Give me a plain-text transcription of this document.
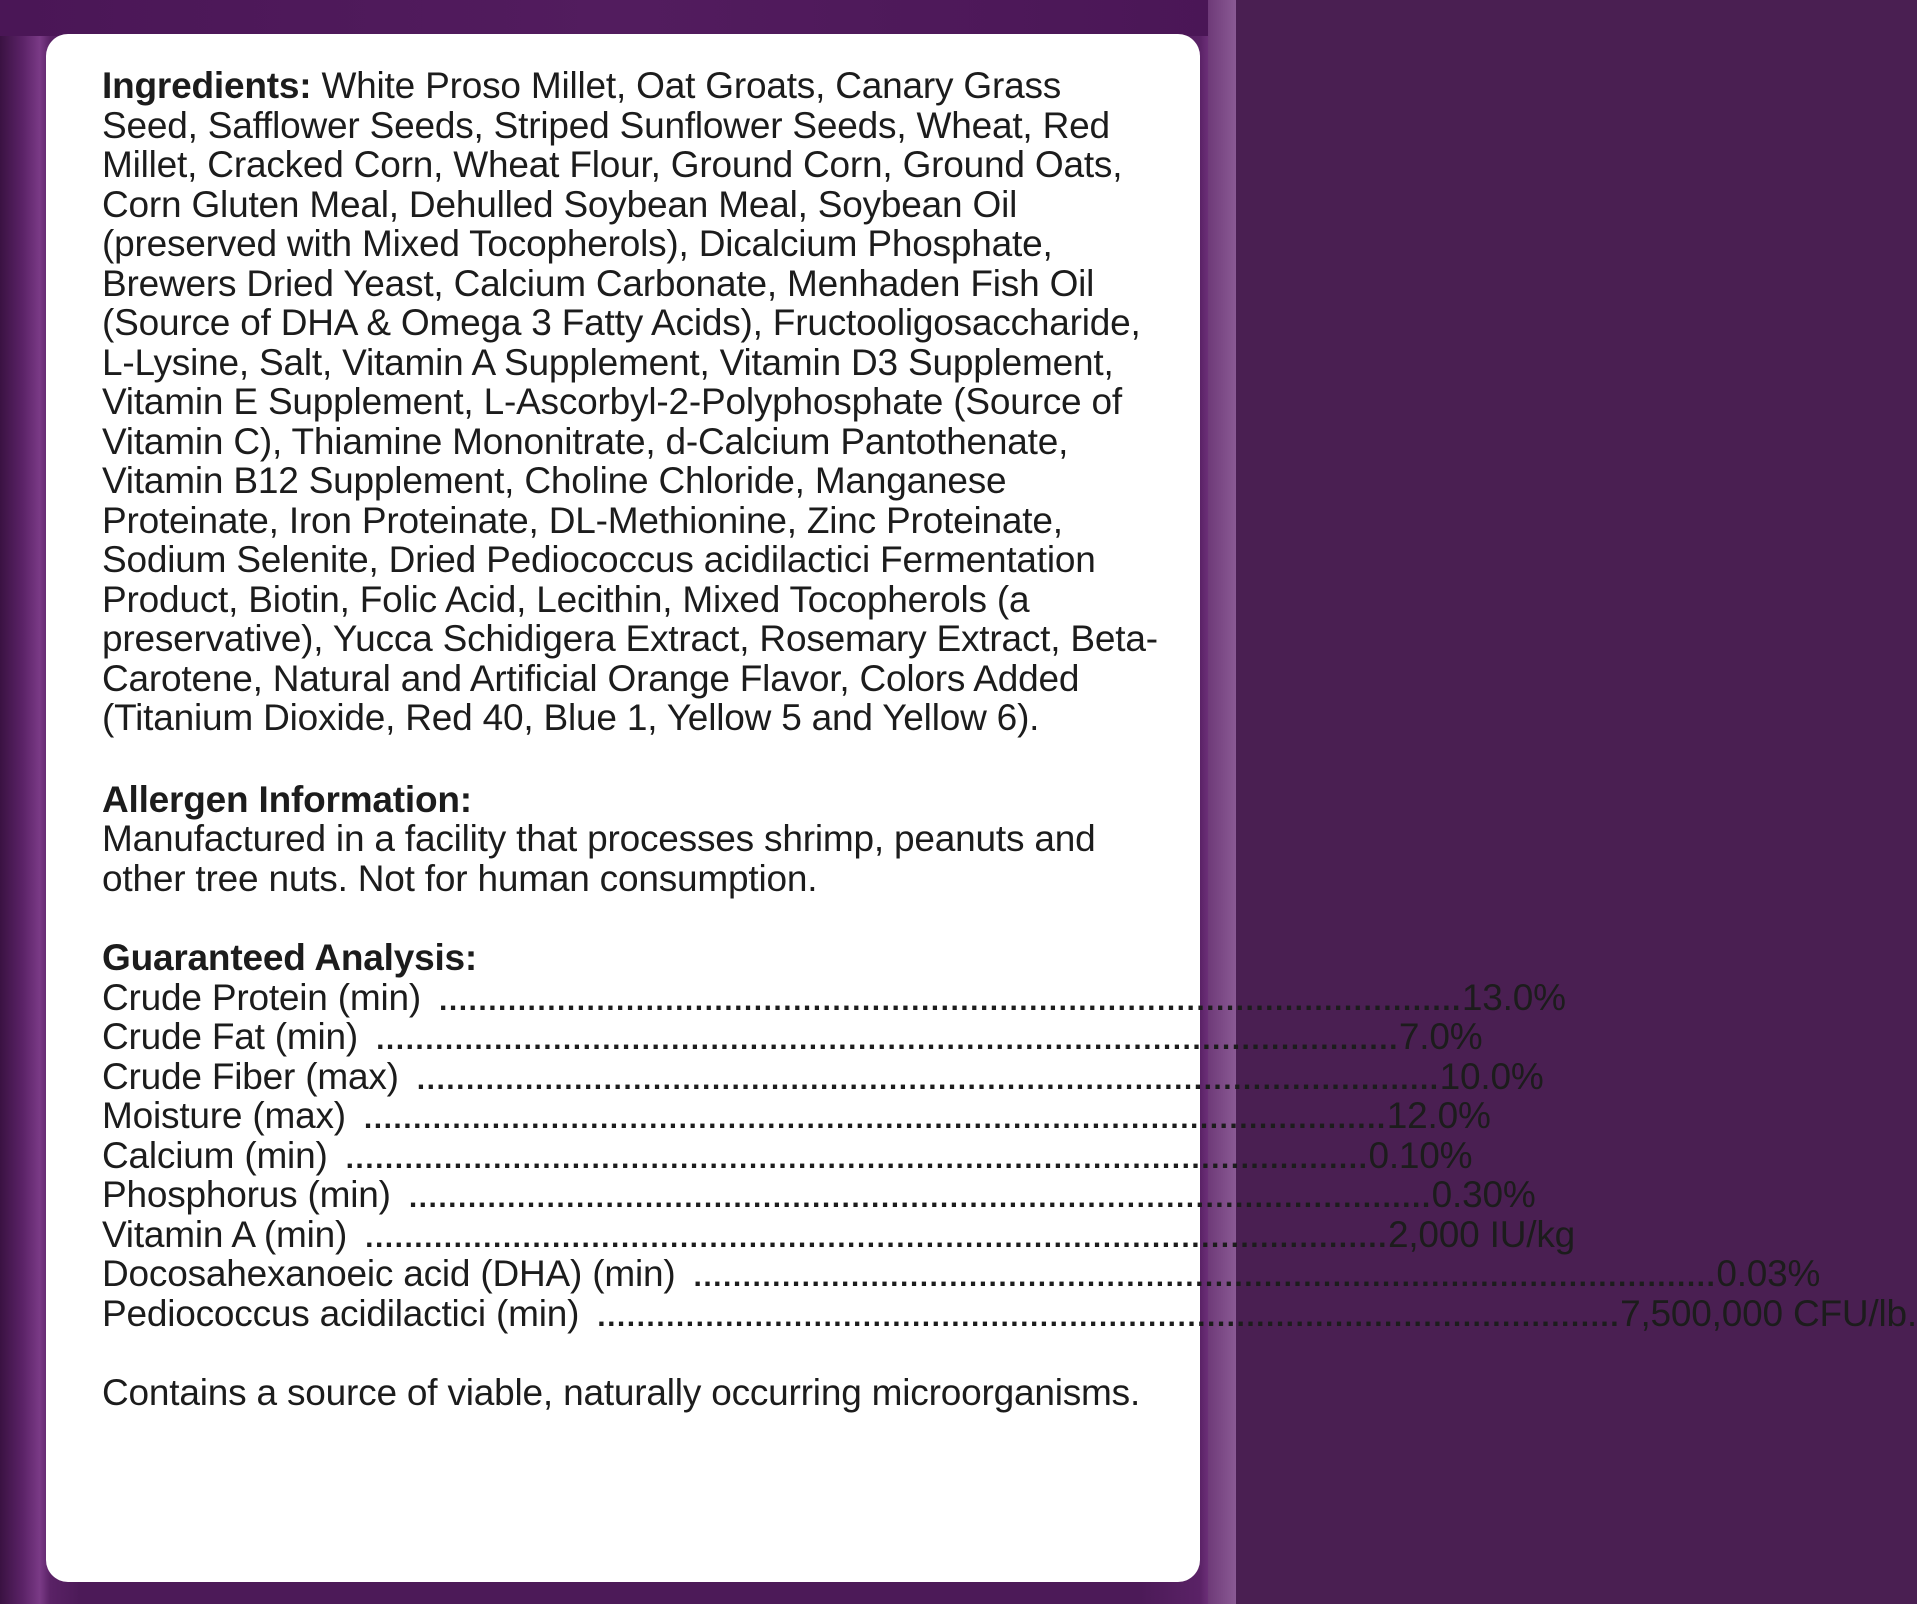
Ingredients: White Proso Millet, Oat Groats, Canary Grass Seed, Safflower Seeds, Striped Sunflower Seeds, Wheat, Red Millet, Cracked Corn, Wheat Flour, Ground Corn, Ground Oats, Corn Gluten Meal, Dehulled Soybean Meal, Soybean Oil (preserved with Mixed Tocopherols), Dicalcium Phosphate, Brewers Dried Yeast, Calcium Carbonate, Menhaden Fish Oil (Source of DHA & Omega 3 Fatty Acids), Fructooligosaccharide, L-Lysine, Salt, Vitamin A Supplement, Vitamin D3 Supplement, Vitamin E Supplement, L-Ascorbyl-2-Polyphosphate (Source of Vitamin C), Thiamine Mononitrate, d-Calcium Pantothenate, Vitamin B12 Supplement, Choline Chloride, Manganese Proteinate, Iron Proteinate, DL-Methionine, Zinc Proteinate, Sodium Selenite, Dried Pediococcus acidilactici Fermentation Product, Biotin, Folic Acid, Lecithin, Mixed Tocopherols (a preservative), Yucca Schidigera Extract, Rosemary Extract, Beta-Carotene, Natural and Artificial Orange Flavor, Colors Added (Titanium Dioxide, Red 40, Blue 1, Yellow 5 and Yellow 6).

Allergen Information:
Manufactured in a facility that processes shrimp, peanuts and other tree nuts. Not for human consumption.
Guaranteed Analysis:
Crude Protein (min) ........................................................................................................ 13.0%
Crude Fat (min) ........................................................................................................ 7.0%
Crude Fiber (max) ........................................................................................................ 10.0%
Moisture (max) ........................................................................................................ 12.0%
Calcium (min) ........................................................................................................ 0.10%
Phosphorus (min) ........................................................................................................ 0.30%
Vitamin A (min) ........................................................................................................ 2,000 IU/kg
Docosahexanoeic acid (DHA) (min) ........................................................................................................ 0.03%
Pediococcus acidilactici (min) ........................................................................................................ 7,500,000 CFU/lb.

Contains a source of viable, naturally occurring microorganisms.
